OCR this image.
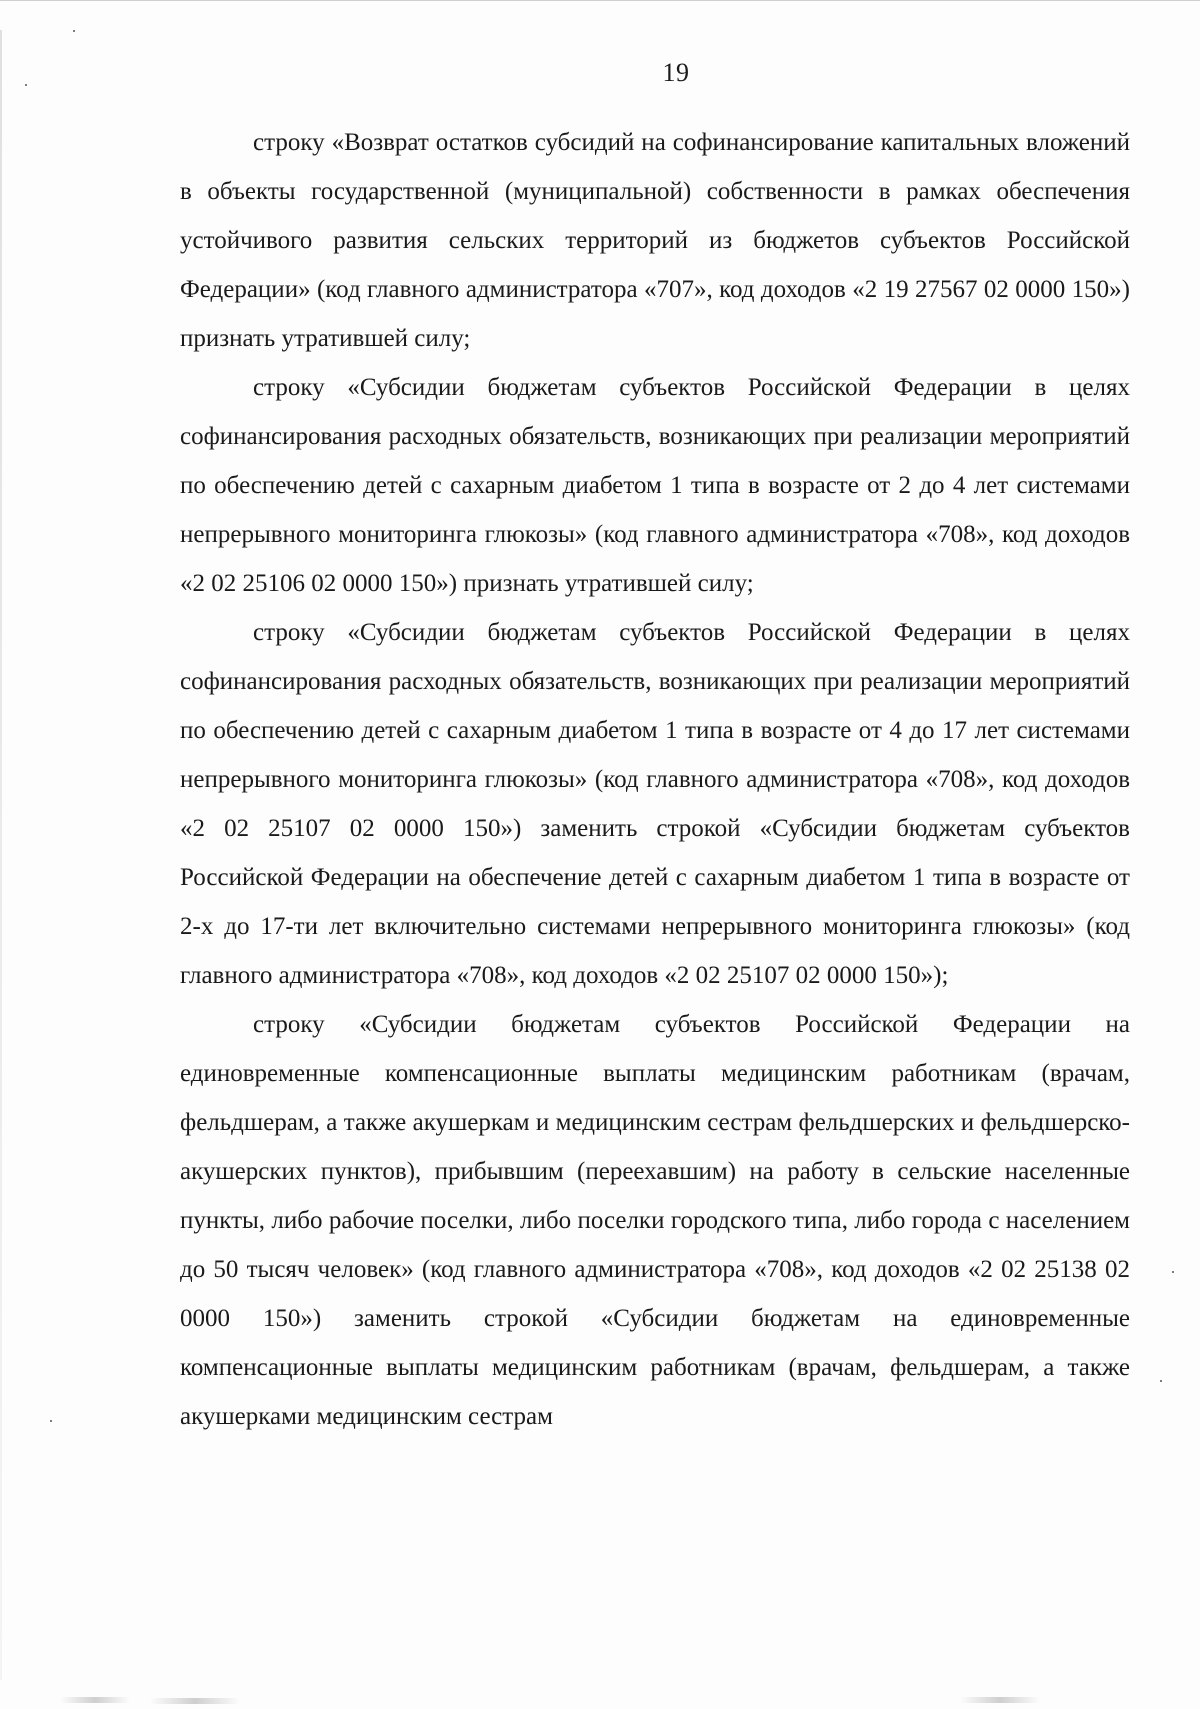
19

строку «Возврат остатков субсидий на софинансирование капитальных вложений в объекты государственной (муниципальной) собственности в рамках обеспечения устойчивого развития сельских территорий из бюджетов субъектов Российской Федерации» (код главного администратора «707», код доходов «2 19 27567 02 0000 150») признать утратившей силу;

строку «Субсидии бюджетам субъектов Российской Федерации в целях софинансирования расходных обязательств, возникающих при реализации мероприятий по обеспечению детей с сахарным диабетом 1 типа в возрасте от 2 до 4 лет системами непрерывного мониторинга глюкозы» (код главного администратора «708», код доходов «2 02 25106 02 0000 150») признать утратившей силу;

строку «Субсидии бюджетам субъектов Российской Федерации в целях софинансирования расходных обязательств, возникающих при реализации мероприятий по обеспечению детей с сахарным диабетом 1 типа в возрасте от 4 до 17 лет системами непрерывного мониторинга глюкозы» (код главного администратора «708», код доходов «2 02 25107 02 0000 150») заменить строкой «Субсидии бюджетам субъектов Российской Федерации на обеспечение детей с сахарным диабетом 1 типа в возрасте от 2-х до 17-ти лет включительно системами непрерывного мониторинга глюкозы» (код главного администратора «708», код доходов «2 02 25107 02 0000 150»);

строку «Субсидии бюджетам субъектов Российской Федерации на единовременные компенсационные выплаты медицинским работникам (врачам, фельдшерам, а также акушеркам и медицинским сестрам фельдшерских и фельдшерско-акушерских пунктов), прибывшим (переехавшим) на работу в сельские населенные пункты, либо рабочие поселки, либо поселки городского типа, либо города с населением до 50 тысяч человек» (код главного администратора «708», код доходов «2 02 25138 02 0000 150») заменить строкой «Субсидии бюджетам на единовременные компенсационные выплаты медицинским работникам (врачам, фельдшерам, а также акушерками медицинским сестрам
